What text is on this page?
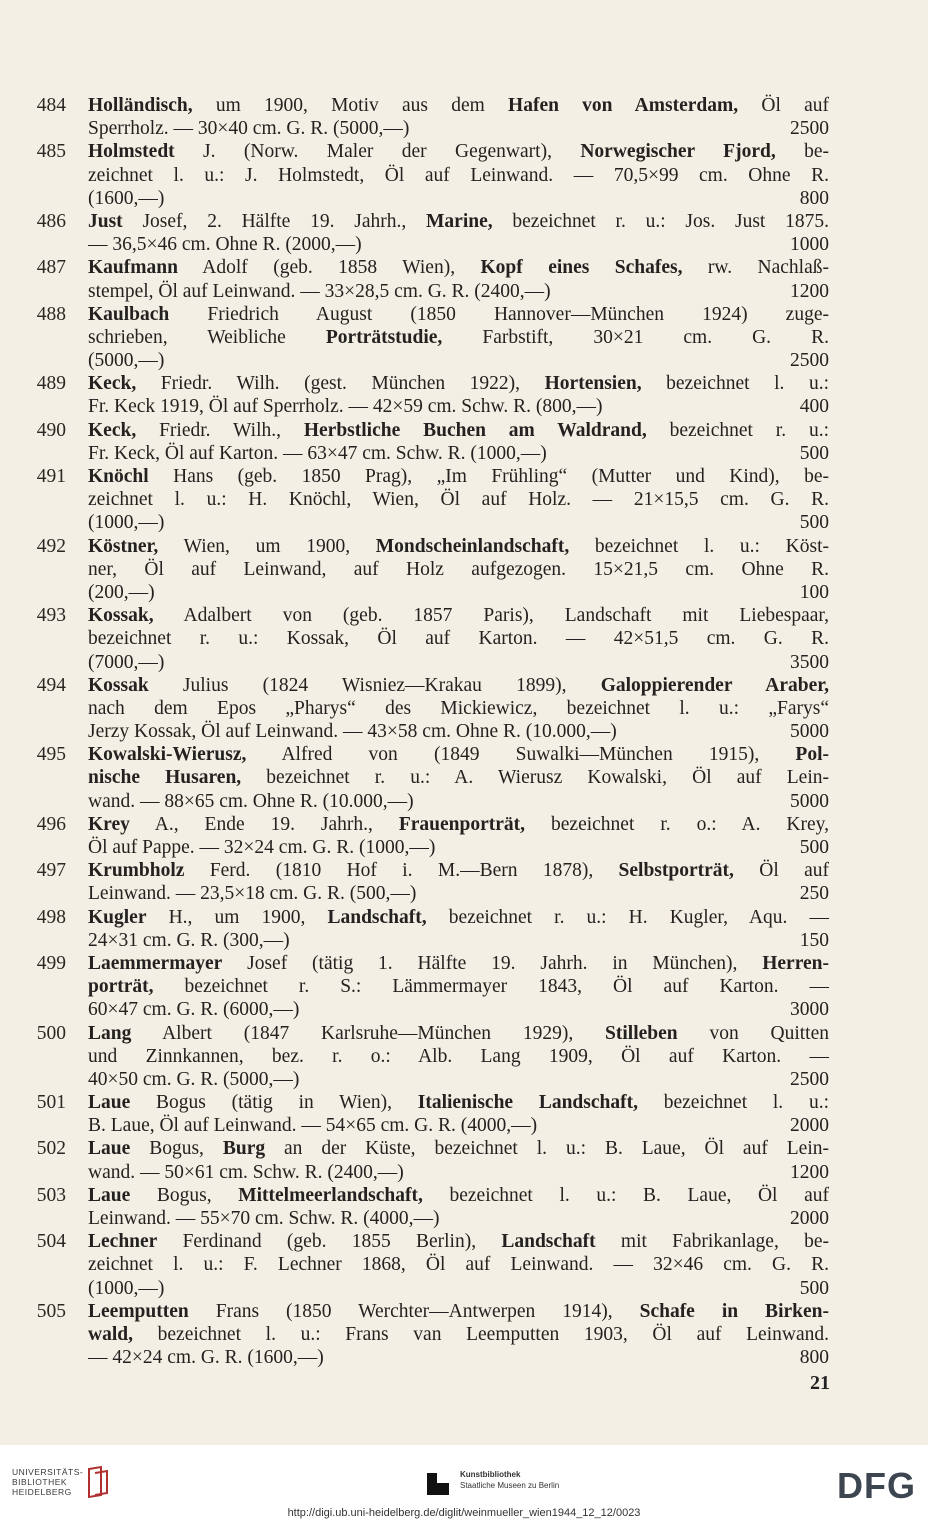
484 Holländisch, um 1900, Motiv aus dem Hafen von Amsterdam, Öl auf
Sperrholz. — 30×40 cm. G. R. (5000,—)	2500
485 Holmstedt J. (Norw. Maler der Gegenwart), Norwegischer Fjord, be-
zeichnet l. u.: J. Holmstedt, Öl auf Leinwand. — 70,5×99 cm. Ohne R.
(1600,—)	800
486 Just Josef, 2. Hälfte 19. Jahrh., Marine, bezeichnet r. u.: Jos. Just 1875.
— 36,5×46 cm. Ohne R. (2000,—)	1000
487 Kaufmann Adolf (geb. 1858 Wien), Kopf eines Schafes, rw. Nachlaß-
stempel, Öl auf Leinwand. — 33×28,5 cm. G. R. (2400,—)	1200
488 Kaulbach Friedrich August (1850 Hannover—München 1924) zuge-
schrieben, Weibliche Porträtstudie, Farbstift, 30×21 cm. G. R.
(5000,—)	2500
489 Keck, Friedr. Wilh. (gest. München 1922), Hortensien, bezeichnet l. u.:
Fr. Keck 1919, Öl auf Sperrholz. — 42×59 cm. Schw. R. (800,—)	400
490 Keck, Friedr. Wilh., Herbstliche Buchen am Waldrand, bezeichnet r. u.:
Fr. Keck, Öl auf Karton. — 63×47 cm. Schw. R. (1000,—)	500
491 Knöchl Hans (geb. 1850 Prag), „Im Frühling“ (Mutter und Kind), be-
zeichnet l. u.: H. Knöchl, Wien, Öl auf Holz. — 21×15,5 cm. G. R.
(1000,—)	500
492 Köstner, Wien, um 1900, Mondscheinlandschaft, bezeichnet l. u.: Köst-
ner, Öl auf Leinwand, auf Holz aufgezogen. 15×21,5 cm. Ohne R.
(200,—)	100
493 Kossak, Adalbert von (geb. 1857 Paris), Landschaft mit Liebespaar,
bezeichnet r. u.: Kossak, Öl auf Karton. — 42×51,5 cm. G. R.
(7000,—)	3500
494 Kossak Julius (1824 Wisniez—Krakau 1899), Galoppierender Araber,
nach dem Epos „Pharys“ des Mickiewicz, bezeichnet l. u.: „Farys“
Jerzy Kossak, Öl auf Leinwand. — 43×58 cm. Ohne R. (10.000,—)	5000
495 Kowalski-Wierusz, Alfred von (1849 Suwalki—München 1915), Pol-
nische Husaren, bezeichnet r. u.: A. Wierusz Kowalski, Öl auf Lein-
wand. — 88×65 cm. Ohne R. (10.000,—)	5000
496 Krey A., Ende 19. Jahrh., Frauenporträt, bezeichnet r. o.: A. Krey,
Öl auf Pappe. — 32×24 cm. G. R. (1000,—)	500
497 Krumbholz Ferd. (1810 Hof i. M.—Bern 1878), Selbstporträt, Öl auf
Leinwand. — 23,5×18 cm. G. R. (500,—)	250
498 Kugler H., um 1900, Landschaft, bezeichnet r. u.: H. Kugler, Aqu. —
24×31 cm. G. R. (300,—)	150
499 Laemmermayer Josef (tätig 1. Hälfte 19. Jahrh. in München), Herren-
porträt, bezeichnet r. S.: Lämmermayer 1843, Öl auf Karton. —
60×47 cm. G. R. (6000,—)	3000
500 Lang Albert (1847 Karlsruhe—München 1929), Stilleben von Quitten
und Zinnkannen, bez. r. o.: Alb. Lang 1909, Öl auf Karton. —
40×50 cm. G. R. (5000,—)	2500
501 Laue Bogus (tätig in Wien), Italienische Landschaft, bezeichnet l. u.:
B. Laue, Öl auf Leinwand. — 54×65 cm. G. R. (4000,—)	2000
502 Laue Bogus, Burg an der Küste, bezeichnet l. u.: B. Laue, Öl auf Lein-
wand. — 50×61 cm. Schw. R. (2400,—)	1200
503 Laue Bogus, Mittelmeerlandschaft, bezeichnet l. u.: B. Laue, Öl auf
Leinwand. — 55×70 cm. Schw. R. (4000,—)	2000
504 Lechner Ferdinand (geb. 1855 Berlin), Landschaft mit Fabrikanlage, be-
zeichnet l. u.: F. Lechner 1868, Öl auf Leinwand. — 32×46 cm. G. R.
(1000,—)	500
505 Leemputten Frans (1850 Werchter—Antwerpen 1914), Schafe in Birken-
wald, bezeichnet l. u.: Frans van Leemputten 1903, Öl auf Leinwand.
— 42×24 cm. G. R. (1600,—)	800
21
UNIVERSITÄTS- BIBLIOTHEK HEIDELBERG
Kunstbibliothek
Staatliche Museen zu Berlin	DFG
http://digi.ub.uni-heidelberg.de/diglit/weinmueller_wien1944_12_12/0023
